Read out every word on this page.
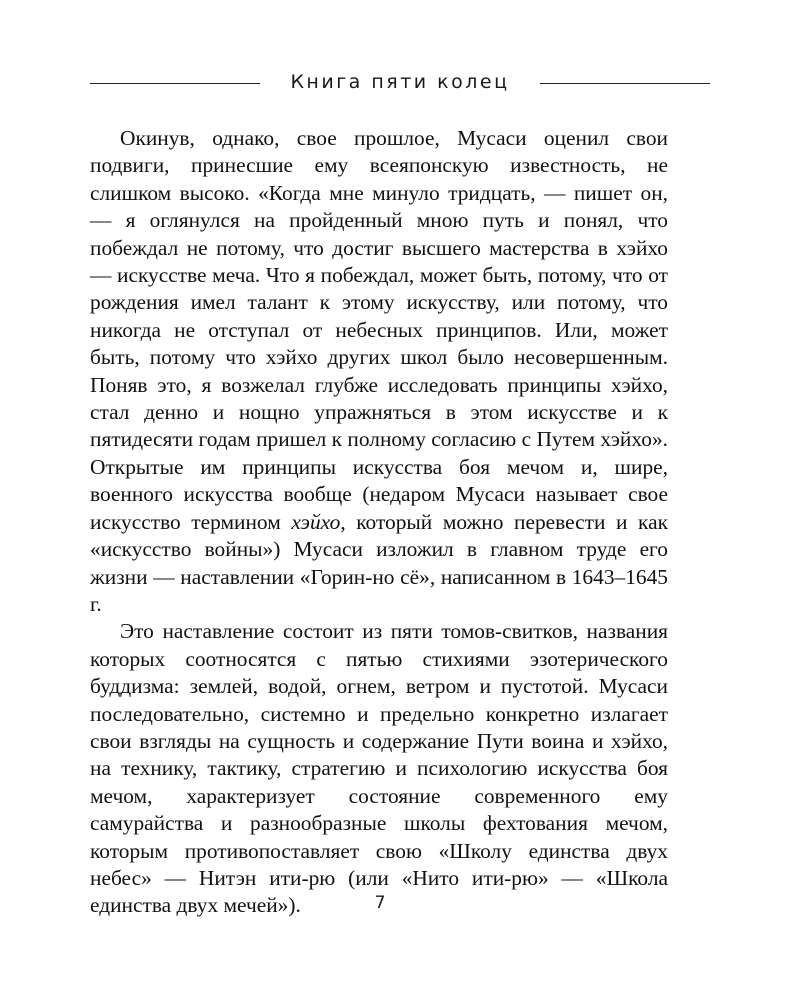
Книга пяти колец

Окинув, однако, свое прошлое, Мусаси оценил свои подвиги, принесшие ему всеяпонскую известность, не слишком высоко. «Когда мне минуло тридцать, — пишет он, — я оглянулся на пройденный мною путь и понял, что побеждал не потому, что достиг высшего мастерства в хэйхо — искусстве меча. Что я побеждал, может быть, потому, что от рождения имел талант к этому искусству, или потому, что никогда не отступал от небесных принципов. Или, может быть, потому что хэйхо других школ было несовершенным. Поняв это, я возжелал глубже исследовать принципы хэйхо, стал денно и нощно упражняться в этом искусстве и к пятидесяти годам пришел к полному согласию с Путем хэйхо». Открытые им принципы искусства боя мечом и, шире, военного искусства вообще (недаром Мусаси называет свое искусство термином хэйхо, который можно перевести и как «искусство войны») Мусаси изложил в главном труде его жизни — наставлении «Горин-но сё», написанном в 1643–1645 г.

Это наставление состоит из пяти томов-свитков, названия которых соотносятся с пятью стихиями эзотерического буддизма: землей, водой, огнем, ветром и пустотой. Мусаси последовательно, системно и предельно конкретно излагает свои взгляды на сущность и содержание Пути воина и хэйхо, на технику, тактику, стратегию и психологию искусства боя мечом, характеризует состояние современного ему самурайства и разнообразные школы фехтования мечом, которым противопоставляет свою «Школу единства двух небес» — Нитэн ити-рю (или «Нито ити-рю» — «Школа единства двух мечей»).	7
